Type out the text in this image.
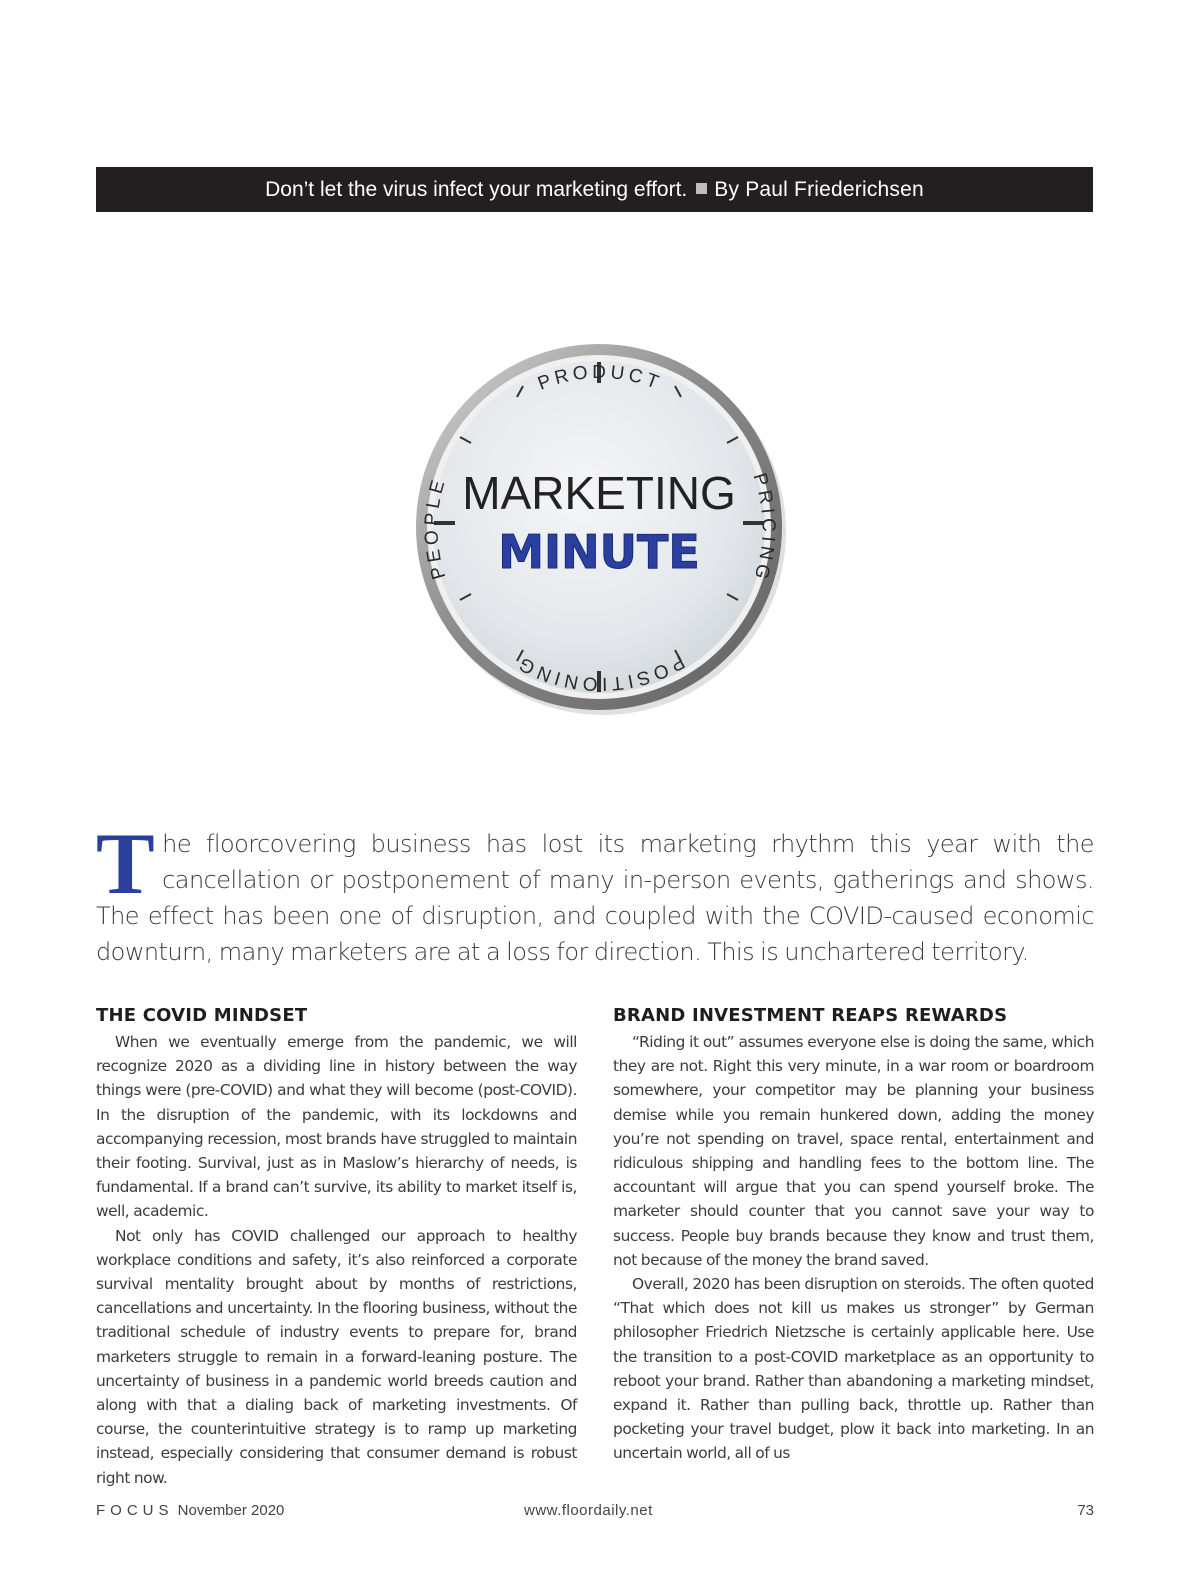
Don’t let the virus infect your marketing effort. By Paul Friederichsen
MARKETING
MINUTE
PRODUCT
PEOPLE	PRICING
POSITIONING

The floorcovering business has lost its marketing rhythm this year with the cancellation or postponement of many in-person events, gatherings and shows. The effect has been one of disruption, and coupled with the COVID-caused economic downturn, many marketers are at a loss for direction. This is unchartered territory.

THE COVID MINDSET

When we eventually emerge from the pandemic, we will recognize 2020 as a dividing line in history between the way things were (pre-COVID) and what they will become (post-COVID). In the disruption of the pandemic, with its lockdowns and accompanying recession, most brands have struggled to maintain their footing. Survival, just as in Maslow’s hierarchy of needs, is fundamental. If a brand can’t survive, its ability to market itself is, well, academic.

Not only has COVID challenged our approach to healthy workplace conditions and safety, it’s also reinforced a corporate survival mentality brought about by months of restrictions, cancellations and uncertainty. In the flooring business, without the traditional schedule of industry events to prepare for, brand marketers struggle to remain in a forward-leaning posture. The uncertainty of business in a pandemic world breeds caution and along with that a dialing back of marketing investments. Of course, the counterintuitive strategy is to ramp up marketing instead, especially considering that consumer demand is robust right now.

BRAND INVESTMENT REAPS REWARDS

“Riding it out” assumes everyone else is doing the same, which they are not. Right this very minute, in a war room or boardroom somewhere, your competitor may be planning your business demise while you remain hunkered down, adding the money you’re not spending on travel, space rental, entertainment and ridiculous shipping and handling fees to the bottom line. The accountant will argue that you can spend yourself broke. The marketer should counter that you cannot save your way to success. People buy brands because they know and trust them, not because of the money the brand saved.

Overall, 2020 has been disruption on steroids. The often quoted “That which does not kill us makes us stronger” by German philosopher Friedrich Nietzsche is certainly applicable here. Use the transition to a post-COVID marketplace as an opportunity to reboot your brand. Rather than abandoning a marketing mindset, expand it. Rather than pulling back, throttle up. Rather than pocketing your travel budget, plow it back into marketing. In an uncertain world, all of us

FOCUS November 2020	www.floordaily.net	73
